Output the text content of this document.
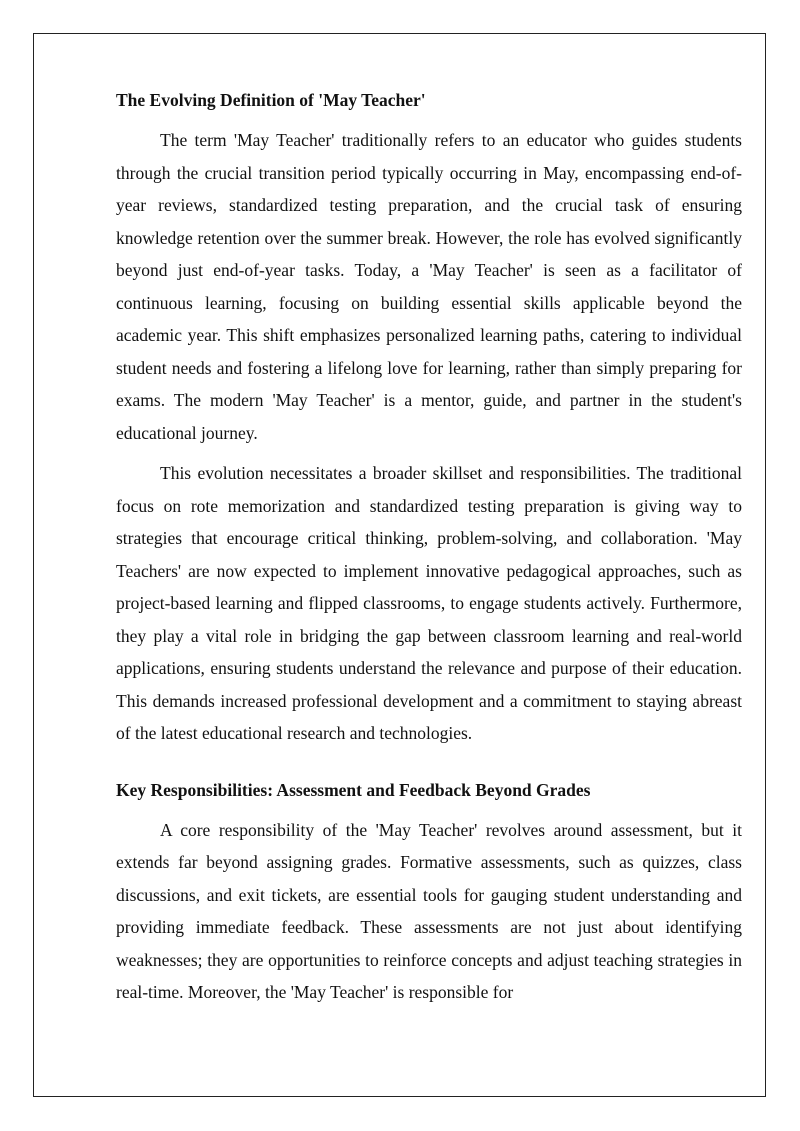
The Evolving Definition of 'May Teacher'

The term 'May Teacher' traditionally refers to an educator who guides students through the crucial transition period typically occurring in May, encompassing end-of-year reviews, standardized testing preparation, and the crucial task of ensuring knowledge retention over the summer break. However, the role has evolved significantly beyond just end-of-year tasks. Today, a 'May Teacher' is seen as a facilitator of continuous learning, focusing on building essential skills applicable beyond the academic year. This shift emphasizes personalized learning paths, catering to individual student needs and fostering a lifelong love for learning, rather than simply preparing for exams. The modern 'May Teacher' is a mentor, guide, and partner in the student's educational journey.

This evolution necessitates a broader skillset and responsibilities. The traditional focus on rote memorization and standardized testing preparation is giving way to strategies that encourage critical thinking, problem-solving, and collaboration. 'May Teachers' are now expected to implement innovative pedagogical approaches, such as project-based learning and flipped classrooms, to engage students actively. Furthermore, they play a vital role in bridging the gap between classroom learning and real-world applications, ensuring students understand the relevance and purpose of their education. This demands increased professional development and a commitment to staying abreast of the latest educational research and technologies.

Key Responsibilities: Assessment and Feedback Beyond Grades

A core responsibility of the 'May Teacher' revolves around assessment, but it extends far beyond assigning grades. Formative assessments, such as quizzes, class discussions, and exit tickets, are essential tools for gauging student understanding and providing immediate feedback. These assessments are not just about identifying weaknesses; they are opportunities to reinforce concepts and adjust teaching strategies in real-time. Moreover, the 'May Teacher' is responsible for
